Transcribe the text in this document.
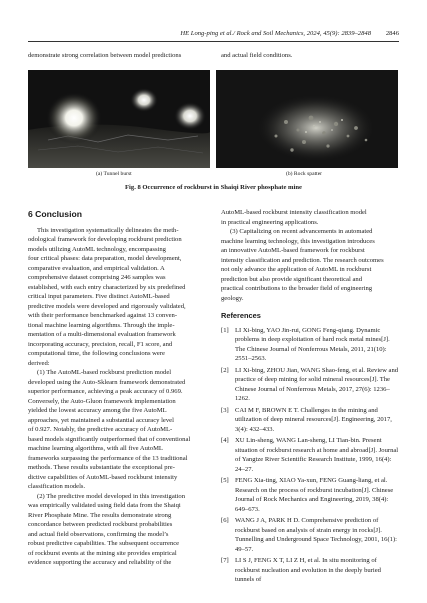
HE Long-ping et al./ Rock and Soil Mechanics, 2024, 45(9): 2839–2848 2846
demonstrate strong correlation between model predictions	and actual field conditions.
(a) Tunnel burst	(b) Rock spatter
Fig. 8 Occurrence of rockburst in Shaiqi River phosphate mine
6 Conclusion
This investigation systematically delineates the meth-
odological framework for developing rockburst prediction
models utilizing AutoML technology, encompassing
four critical phases: data preparation, model development,
comparative evaluation, and empirical validation. A
comprehensive dataset comprising 246 samples was
established, with each entry characterized by six predefined
critical input parameters. Five distinct AutoML-based
predictive models were developed and rigorously validated,
with their performance benchmarked against 13 conven-
tional machine learning algorithms. Through the imple-
mentation of a multi-dimensional evaluation framework
incorporating accuracy, precision, recall, F1 score, and
computational time, the following conclusions were
derived:
(1) The AutoML-based rockburst prediction model
developed using the Auto-Sklearn framework demonstrated
superior performance, achieving a peak accuracy of 0.969.
Conversely, the Auto-Gluon framework implementation
yielded the lowest accuracy among the five AutoML
approaches, yet maintained a substantial accuracy level
of 0.927. Notably, the predictive accuracy of AutoML-
based models significantly outperformed that of conventional
machine learning algorithms, with all five AutoML
frameworks surpassing the performance of the 13 traditional
methods. These results substantiate the exceptional pre-
dictive capabilities of AutoML-based rockburst intensity
classification models.
(2) The predictive model developed in this investigation
was empirically validated using field data from the Shaiqi
River Phosphate Mine. The results demonstrate strong
concordance between predicted rockburst probabilities
and actual field observations, confirming the model’s
robust predictive capabilities. The subsequent occurrence
of rockburst events at the mining site provides empirical
evidence supporting the accuracy and reliability of the
AutoML-based rockburst intensity classification model
in practical engineering applications.
(3) Capitalizing on recent advancements in automated
machine learning technology, this investigation introduces
an innovative AutoML-based framework for rockburst
intensity classification and prediction. The research outcomes
not only advance the application of AutoML in rockburst
prediction but also provide significant theoretical and
practical contributions to the broader field of engineering
geology.
References
[1] LI Xi-bing, YAO Jin-rui, GONG Feng-qiang. Dynamic problems in deep exploitation of hard rock metal mines[J]. The Chinese Journal of Nonferrous Metals, 2011, 21(10): 2551–2563.
[2] LI Xi-bing, ZHOU Jian, WANG Shao-feng, et al. Review and practice of deep mining for solid mineral resources[J]. The Chinese Journal of Nonferrous Metals, 2017, 27(6): 1236–1262.
[3] CAI M F, BROWN E T. Challenges in the mining and utilization of deep mineral resources[J]. Engineering, 2017, 3(4): 432–433.
[4] XU Lin-sheng, WANG Lan-sheng, LI Tian-bin. Present situation of rockburst research at home and abroad[J]. Journal of Yangtze River Scientific Research Institute, 1999, 16(4): 24–27.
[5] FENG Xia-ting, XIAO Ya-xun, FENG Guang-liang, et al. Research on the process of rockburst incubation[J]. Chinese Journal of Rock Mechanics and Engineering, 2019, 38(4): 649–673.
[6] WANG J A, PARK H D. Comprehensive prediction of rockburst based on analysis of strain energy in rocks[J]. Tunnelling and Underground Space Technology, 2001, 16(1): 49–57.
[7] LI S J, FENG X T, LI Z H, et al. In situ monitoring of rockburst nucleation and evolution in the deeply buried tunnels of
